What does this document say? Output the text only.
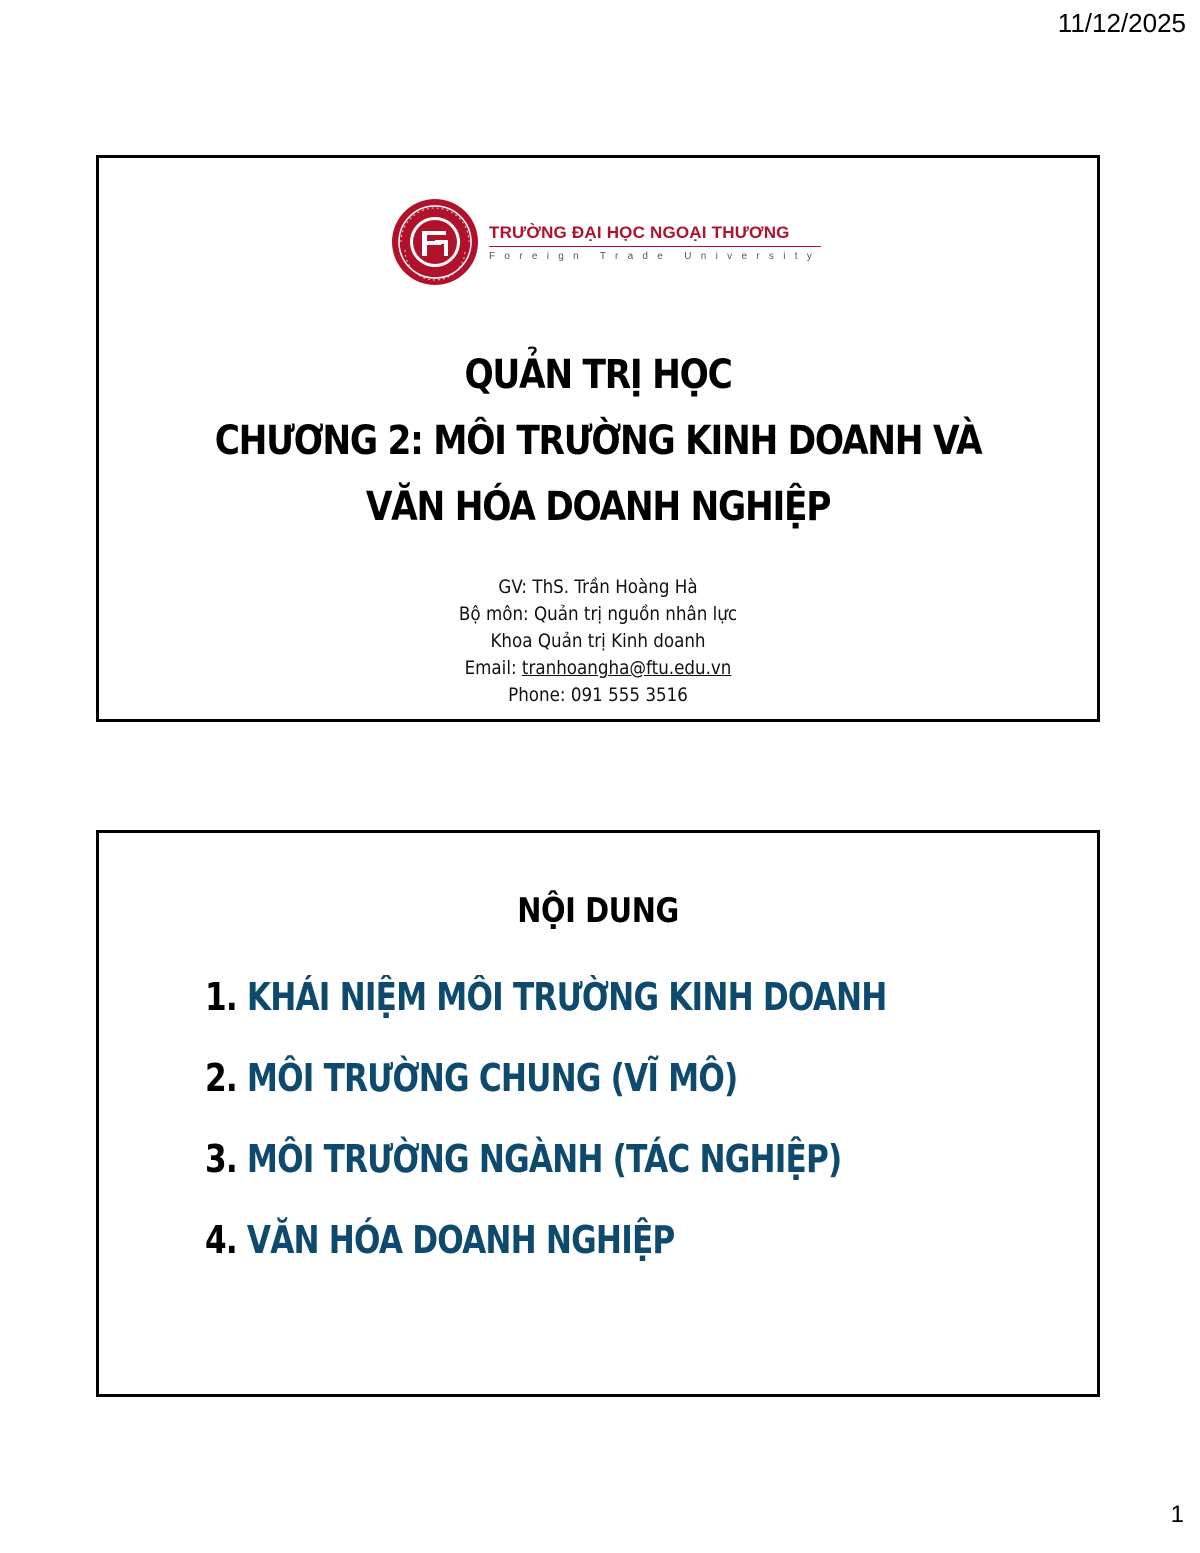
11/12/2025
TRƯỜNG ĐẠI HỌC NGOẠI THƯƠNG
Foreign Trade University
QUẢN TRỊ HỌC
CHƯƠNG 2: MÔI TRƯỜNG KINH DOANH VÀ
VĂN HÓA DOANH NGHIỆP
GV: ThS. Trần Hoàng Hà
Bộ môn: Quản trị nguồn nhân lực
Khoa Quản trị Kinh doanh
Email: tranhoangha@ftu.edu.vn
Phone: 091 555 3516
NỘI DUNG
1. KHÁI NIỆM MÔI TRƯỜNG KINH DOANH
2. MÔI TRƯỜNG CHUNG (VĨ MÔ)
3. MÔI TRƯỜNG NGÀNH (TÁC NGHIỆP)
4. VĂN HÓA DOANH NGHIỆP
1
